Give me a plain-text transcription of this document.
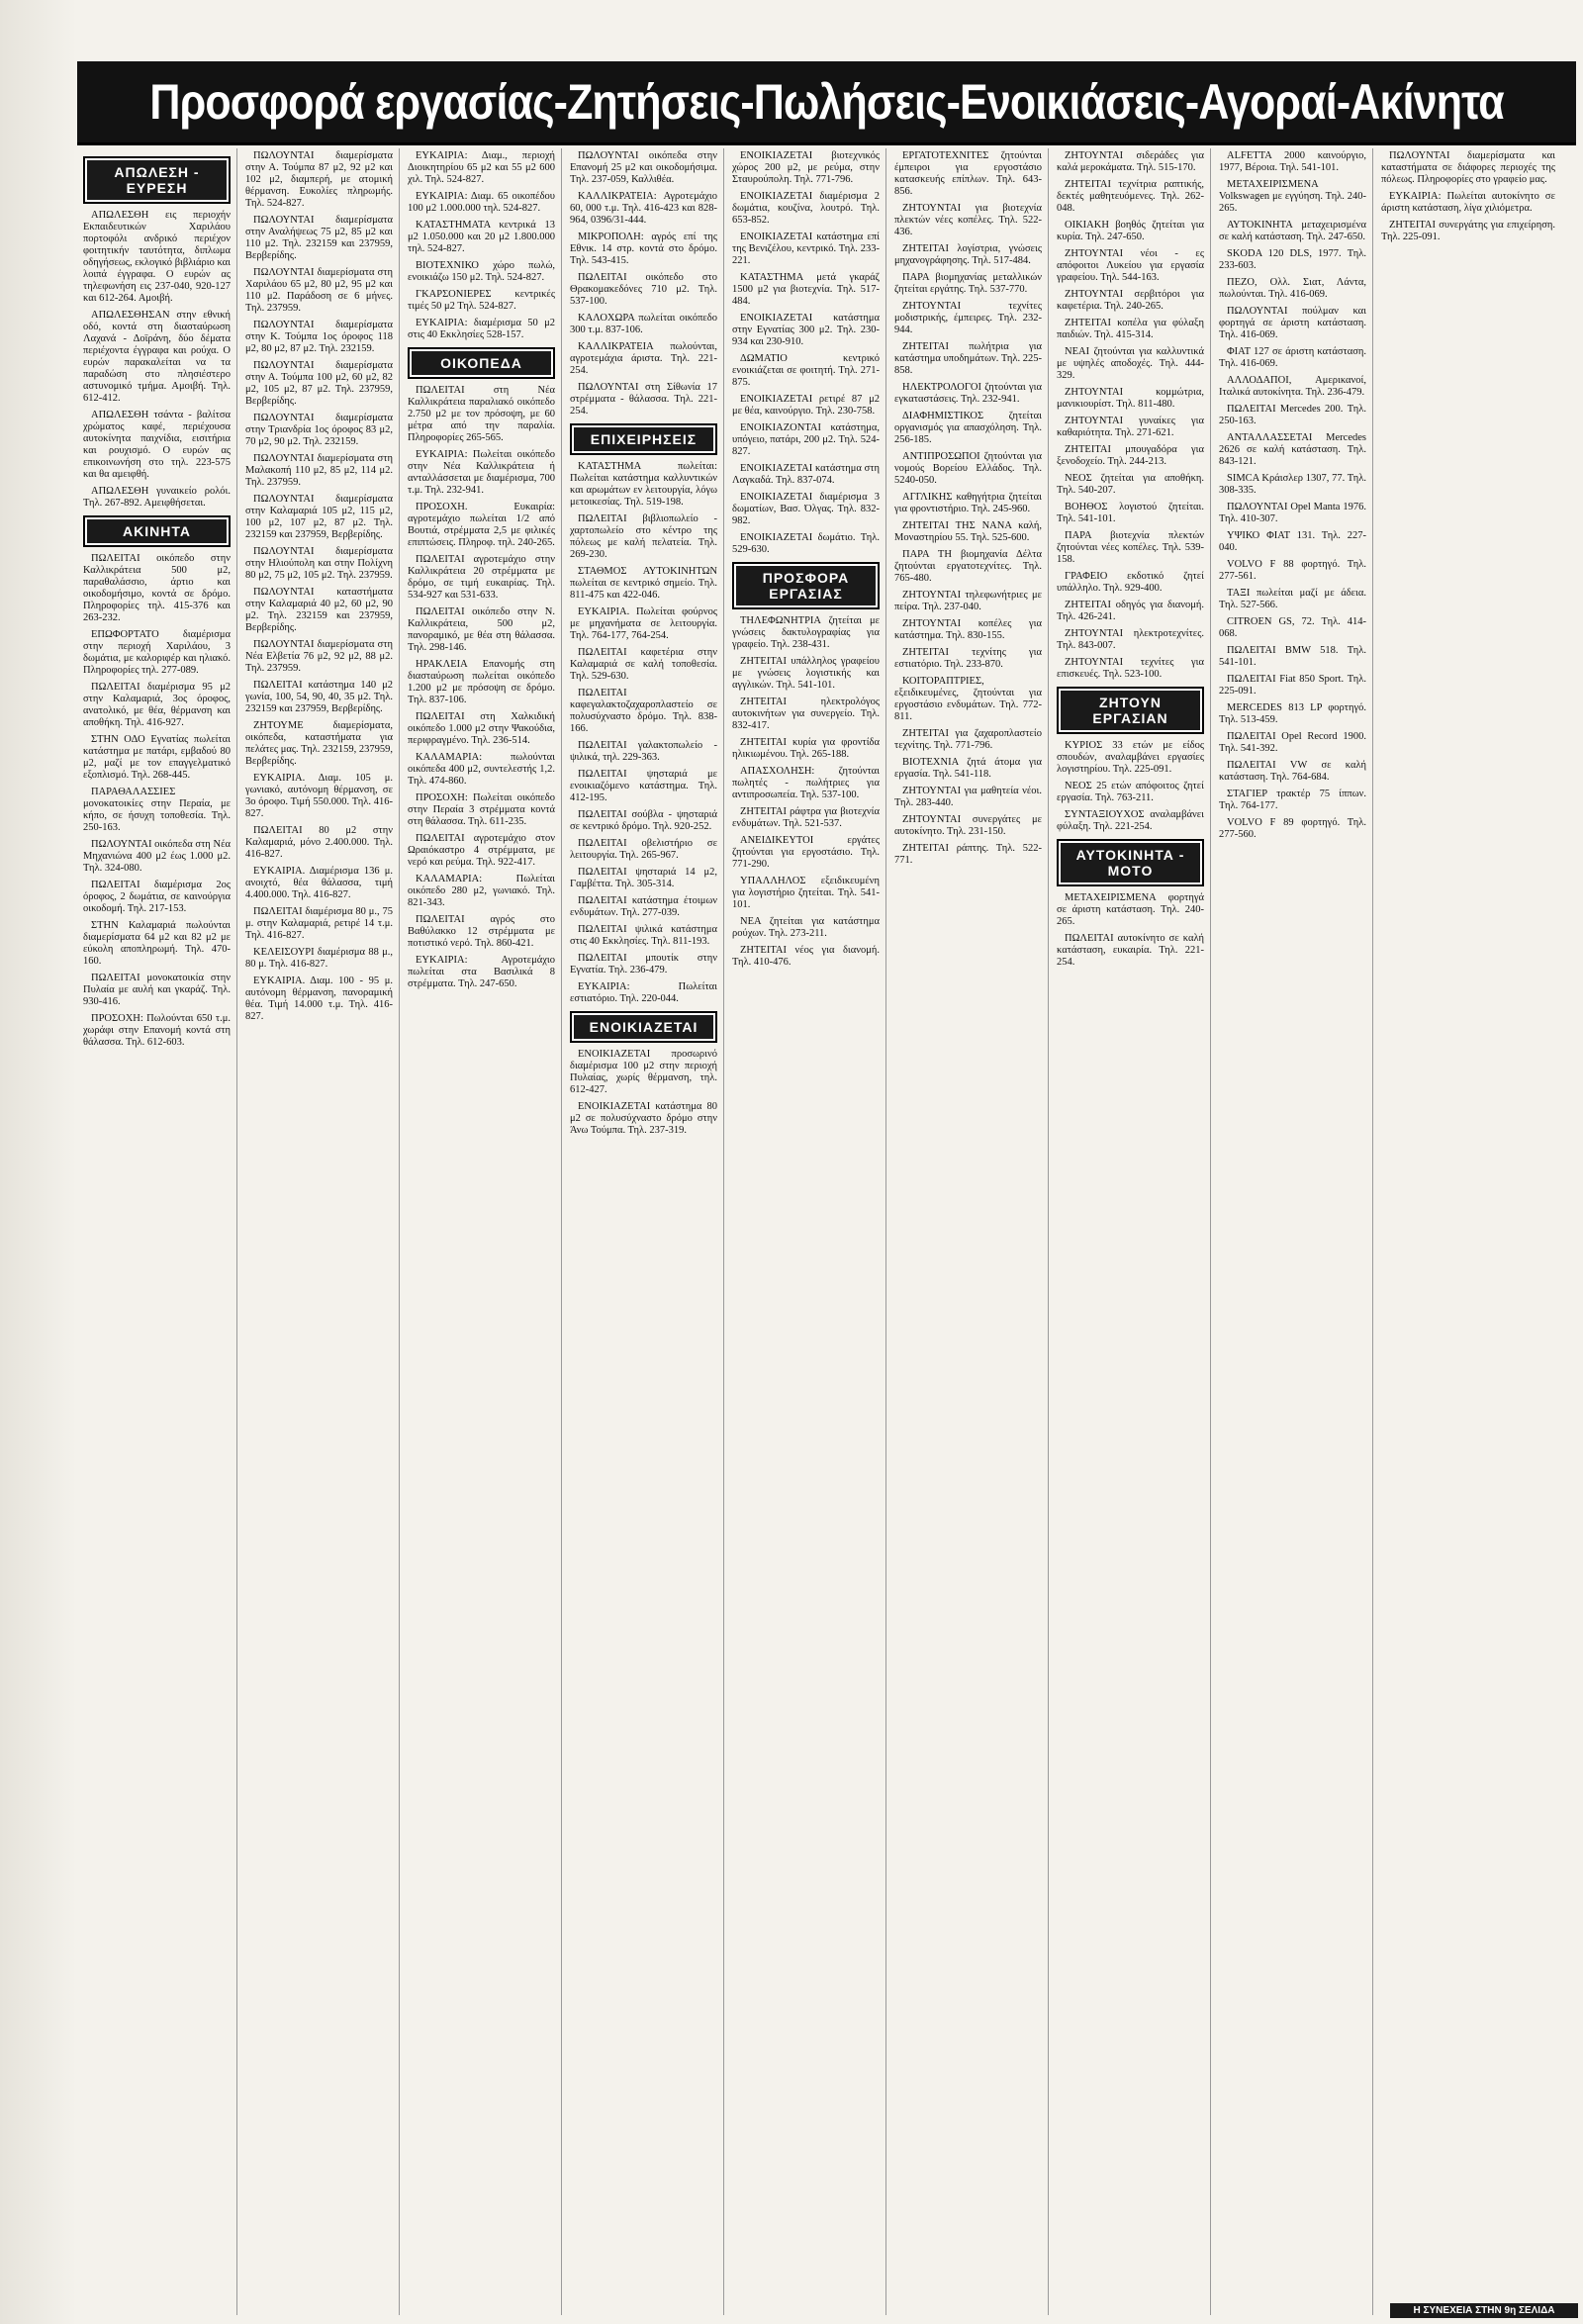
Προσφορά εργασίας-Ζητήσεις-Πωλήσεις-Ενοικιάσεις-Αγοραί-Ακίνητα
ΑΠΩΛΕΣΗ - ΕΥΡΕΣΗ
ΑΠΩΛΕΣΘΗ εις περιοχήν Εκπαιδευτικών Χαριλάου πορτοφόλι ανδρικό περιέχον φοιτητικήν ταυτότητα, διπλωμα οδηγήσεως, εκλογικό βιβλιάριο και λοιπά έγγραφα. Ο ευρών ας τηλεφωνήση εις 237-040, 920-127 και 612-264. Αμοιβή.
ΑΠΩΛΕΣΘΗΣΑΝ στην εθνική οδό, κοντά στη διασταύρωση Λαχανά - Δοϊράνη, δύο δέματα περιέχοντα έγγραφα και ρούχα. Ο ευρών παρακαλείται να τα παραδώση στο πλησιέστερο αστυνομικό τμήμα. Αμοιβή. Τηλ. 612-412.
ΑΠΩΛΕΣΘΗ τσάντα - βαλίτσα χρώματος καφέ, περιέχουσα αυτοκίνητα παιχνίδια, εισιτήρια και ρουχισμό. Ο ευρών ας επικοινωνήση στο τηλ. 223-575 και θα αμειφθή.
ΑΠΩΛΕΣΘΗ γυναικείο ρολόι. Τηλ. 267-892. Αμειφθήσεται.
ΑΚΙΝΗΤΑ
ΠΩΛΕΙΤΑΙ οικόπεδο στην Καλλικράτεια 500 μ2, παραθαλάσσιο, άρτιο και οικοδομήσιμο, κοντά σε δρόμο. Πληροφορίες τηλ. 415-376 και 263-232.
ΕΠΩΦΟΡΤΑΤΟ διαμέρισμα στην περιοχή Χαριλάου, 3 δωμάτια, με καλοριφέρ και ηλιακό. Πληροφορίες τηλ. 277-089.
ΠΩΛΕΙΤΑΙ διαμέρισμα 95 μ2 στην Καλαμαριά, 3ος όροφος, ανατολικό, με θέα, θέρμανση και αποθήκη. Τηλ. 416-927.
ΣΤΗΝ ΟΔΟ Εγνατίας πωλείται κατάστημα με πατάρι, εμβαδού 80 μ2, μαζί με τον επαγγελματικό εξοπλισμό. Τηλ. 268-445.
ΠΑΡΑΘΑΛΑΣΣΙΕΣ μονοκατοικίες στην Περαία, με κήπο, σε ήσυχη τοποθεσία. Τηλ. 250-163.
ΠΩΛΟΥΝΤΑΙ οικόπεδα στη Νέα Μηχανιώνα 400 μ2 έως 1.000 μ2. Τηλ. 324-080.
ΠΩΛΕΙΤΑΙ διαμέρισμα 2ος όροφος, 2 δωμάτια, σε καινούργια οικοδομή. Τηλ. 217-153.
ΣΤΗΝ Καλαμαριά πωλούνται διαμερίσματα 64 μ2 και 82 μ2 με εύκολη αποπληρωμή. Τηλ. 470-160.
ΠΩΛΕΙΤΑΙ μονοκατοικία στην Πυλαία με αυλή και γκαράζ. Τηλ. 930-416.
ΠΡΟΣΟΧΗ: Πωλούνται 650 τ.μ. χωράφι στην Επανομή κοντά στη θάλασσα. Τηλ. 612-603.
ΠΩΛΟΥΝΤΑΙ διαμερίσματα στην Α. Τούμπα 87 μ2, 92 μ2 και 102 μ2, διαμπερή, με ατομική θέρμανση. Ευκολίες πληρωμής. Τηλ. 524-827.
ΠΩΛΟΥΝΤΑΙ διαμερίσματα στην Αναλήψεως 75 μ2, 85 μ2 και 110 μ2. Τηλ. 232159 και 237959, Βερβερίδης.
ΠΩΛΟΥΝΤΑΙ διαμερίσματα στη Χαριλάου 65 μ2, 80 μ2, 95 μ2 και 110 μ2. Παράδοση σε 6 μήνες. Τηλ. 237959.
ΠΩΛΟΥΝΤΑΙ διαμερίσματα στην Κ. Τούμπα 1ος όροφος 118 μ2, 80 μ2, 87 μ2. Τηλ. 232159.
ΠΩΛΟΥΝΤΑΙ διαμερίσματα στην Α. Τούμπα 100 μ2, 60 μ2, 82 μ2, 105 μ2, 87 μ2. Τηλ. 237959, Βερβερίδης.
ΠΩΛΟΥΝΤΑΙ διαμερίσματα στην Τριανδρία 1ος όροφος 83 μ2, 70 μ2, 90 μ2. Τηλ. 232159.
ΠΩΛΟΥΝΤΑΙ διαμερίσματα στη Μαλακοπή 110 μ2, 85 μ2, 114 μ2. Τηλ. 237959.
ΠΩΛΟΥΝΤΑΙ διαμερίσματα στην Καλαμαριά 105 μ2, 115 μ2, 100 μ2, 107 μ2, 87 μ2. Τηλ. 232159 και 237959, Βερβερίδης.
ΠΩΛΟΥΝΤΑΙ διαμερίσματα στην Ηλιούπολη και στην Πολίχνη 80 μ2, 75 μ2, 105 μ2. Τηλ. 237959.
ΠΩΛΟΥΝΤΑΙ καταστήματα στην Καλαμαριά 40 μ2, 60 μ2, 90 μ2. Τηλ. 232159 και 237959, Βερβερίδης.
ΠΩΛΟΥΝΤΑΙ διαμερίσματα στη Νέα Ελβετία 76 μ2, 92 μ2, 88 μ2. Τηλ. 237959.
ΠΩΛΕΙΤΑΙ κατάστημα 140 μ2 γωνία, 100, 54, 90, 40, 35 μ2. Τηλ. 232159 και 237959, Βερβερίδης.
ΖΗΤΟΥΜΕ διαμερίσματα, οικόπεδα, καταστήματα για πελάτες μας. Τηλ. 232159, 237959, Βερβερίδης.
ΕΥΚΑΙΡΙΑ. Διαμ. 105 μ. γωνιακό, αυτόνομη θέρμανση, σε 3ο όροφο. Τιμή 550.000. Τηλ. 416-827.
ΠΩΛΕΙΤΑΙ 80 μ2 στην Καλαμαριά, μόνο 2.400.000. Τηλ. 416-827.
ΕΥΚΑΙΡΙΑ. Διαμέρισμα 136 μ. ανοιχτό, θέα θάλασσα, τιμή 4.400.000. Τηλ. 416-827.
ΠΩΛΕΙΤΑΙ διαμέρισμα 80 μ., 75 μ. στην Καλαμαριά, ρετιρέ 14 τ.μ. Τηλ. 416-827.
ΚΕΛΕΙΣΟΥΡΙ διαμέρισμα 88 μ., 80 μ. Τηλ. 416-827.
ΕΥΚΑΙΡΙΑ. Διαμ. 100 - 95 μ. αυτόνομη θέρμανση, πανοραμική θέα. Τιμή 14.000 τ.μ. Τηλ. 416-827.
ΕΥΚΑΙΡΙΑ: Διαμ., περιοχή Διοικητηρίου 65 μ2 και 55 μ2 600 χιλ. Τηλ. 524-827.
ΕΥΚΑΙΡΙΑ: Διαμ. 65 οικοπέδου 100 μ2 1.000.000 τηλ. 524-827.
ΚΑΤΑΣΤΗΜΑΤΑ κεντρικά 13 μ2 1.050.000 και 20 μ2 1.800.000 τηλ. 524-827.
ΒΙΟΤΕΧΝΙΚΟ χώρο πωλώ, ενοικιάζω 150 μ2. Τηλ. 524-827.
ΓΚΑΡΣΟΝΙΕΡΕΣ κεντρικές τιμές 50 μ2 Τηλ. 524-827.
ΕΥΚΑΙΡΙΑ: διαμέρισμα 50 μ2 στις 40 Εκκλησίες 528-157.
ΟΙΚΟΠΕΔΑ
ΠΩΛΕΙΤΑΙ στη Νέα Καλλικράτεια παραλιακό οικόπεδο 2.750 μ2 με τον πρόσοψη, με 60 μέτρα από την παραλία. Πληροφορίες 265-565.
ΕΥΚΑΙΡΙΑ: Πωλείται οικόπεδο στην Νέα Καλλικράτεια ή ανταλλάσσεται με διαμέρισμα, 700 τ.μ. Τηλ. 232-941.
ΠΡΟΣΟΧΗ. Ευκαιρία: αγροτεμάχιο πωλείται 1/2 από Βουτιά, στρέμματα 2,5 με φιλικές επιπτώσεις. Πληροφ. τηλ. 240-265.
ΠΩΛΕΙΤΑΙ αγροτεμάχιο στην Καλλικράτεια 20 στρέμματα με δρόμο, σε τιμή ευκαιρίας. Τηλ. 534-927 και 531-633.
ΠΩΛΕΙΤΑΙ οικόπεδο στην Ν. Καλλικράτεια, 500 μ2, πανοραμικό, με θέα στη θάλασσα. Τηλ. 298-146.
ΗΡΑΚΛΕΙΑ Επανομής στη διασταύρωση πωλείται οικόπεδο 1.200 μ2 με πρόσοψη σε δρόμο. Τηλ. 837-106.
ΠΩΛΕΙΤΑΙ στη Χαλκιδική οικόπεδο 1.000 μ2 στην Ψακούδια, περιφραγμένο. Τηλ. 236-514.
ΚΑΛΑΜΑΡΙΑ: πωλούνται οικόπεδα 400 μ2, συντελεστής 1,2. Τηλ. 474-860.
ΠΡΟΣΟΧΗ: Πωλείται οικόπεδο στην Περαία 3 στρέμματα κοντά στη θάλασσα. Τηλ. 611-235.
ΠΩΛΕΙΤΑΙ αγροτεμάχιο στον Ωραιόκαστρο 4 στρέμματα, με νερό και ρεύμα. Τηλ. 922-417.
ΚΑΛΑΜΑΡΙΑ: Πωλείται οικόπεδο 280 μ2, γωνιακό. Τηλ. 821-343.
ΠΩΛΕΙΤΑΙ αγρός στο Βαθύλακκο 12 στρέμματα με ποτιστικό νερό. Τηλ. 860-421.
ΕΥΚΑΙΡΙΑ: Αγροτεμάχιο πωλείται στα Βασιλικά 8 στρέμματα. Τηλ. 247-650.
ΠΩΛΟΥΝΤΑΙ οικόπεδα στην Επανομή 25 μ2 και οικοδομήσιμα. Τηλ. 237-059, Καλλιθέα.
ΚΑΛΛΙΚΡΑΤΕΙΑ: Αγροτεμάχιο 60, 000 τ.μ. Τηλ. 416-423 και 828-964, 0396/31-444.
ΜΙΚΡΟΠΟΛΗ: αγρός επί της Εθνικ. 14 στρ. κοντά στο δρόμο. Τηλ. 543-415.
ΠΩΛΕΙΤΑΙ οικόπεδο στο Θρακομακεδόνες 710 μ2. Τηλ. 537-100.
ΚΑΛΟΧΩΡΑ πωλείται οικόπεδο 300 τ.μ. 837-106.
ΚΑΛΛΙΚΡΑΤΕΙΑ πωλούνται, αγροτεμάχια άριστα. Τηλ. 221-254.
ΠΩΛΟΥΝΤΑΙ στη Σίθωνία 17 στρέμματα - θάλασσα. Τηλ. 221-254.
ΕΠΙΧΕΙΡΗΣΕΙΣ
ΚΑΤΑΣΤΗΜΑ πωλείται: Πωλείται κατάστημα καλλυντικών και αρωμάτων εν λειτουργία, λόγω μετοικεσίας. Τηλ. 519-198.
ΠΩΛΕΙΤΑΙ βιβλιοπωλείο - χαρτοπωλείο στο κέντρο της πόλεως με καλή πελατεία. Τηλ. 269-230.
ΣΤΑΘΜΟΣ ΑΥΤΟΚΙΝΗΤΩΝ πωλείται σε κεντρικό σημείο. Τηλ. 811-475 και 422-046.
ΕΥΚΑΙΡΙΑ. Πωλείται φούρνος με μηχανήματα σε λειτουργία. Τηλ. 764-177, 764-254.
ΠΩΛΕΙΤΑΙ καφετέρια στην Καλαμαριά σε καλή τοποθεσία. Τηλ. 529-630.
ΠΩΛΕΙΤΑΙ καφεγαλακτοζαχαροπλαστείο σε πολυσύχναστο δρόμο. Τηλ. 838-166.
ΠΩΛΕΙΤΑΙ γαλακτοπωλείο - ψιλικά, τηλ. 229-363.
ΠΩΛΕΙΤΑΙ ψησταριά με ενοικιαζόμενο κατάστημα. Τηλ. 412-195.
ΠΩΛΕΙΤΑΙ σούβλα - ψησταριά σε κεντρικό δρόμο. Τηλ. 920-252.
ΠΩΛΕΙΤΑΙ οβελιστήριο σε λειτουργία. Τηλ. 265-967.
ΠΩΛΕΙΤΑΙ ψησταριά 14 μ2, Γαμβέττα. Τηλ. 305-314.
ΠΩΛΕΙΤΑΙ κατάστημα έτοιμων ενδυμάτων. Τηλ. 277-039.
ΠΩΛΕΙΤΑΙ ψιλικά κατάστημα στις 40 Εκκλησίες. Τηλ. 811-193.
ΠΩΛΕΙΤΑΙ μπουτίκ στην Εγνατία. Τηλ. 236-479.
ΕΥΚΑΙΡΙΑ: Πωλείται εστιατόριο. Τηλ. 220-044.
ΕΝΟΙΚΙΑΖΕΤΑΙ
ΕΝΟΙΚΙΑΖΕΤΑΙ προσωρινό διαμέρισμα 100 μ2 στην περιοχή Πυλαίας, χωρίς θέρμανση, τηλ. 612-427.
ΕΝΟΙΚΙΑΖΕΤΑΙ κατάστημα 80 μ2 σε πολυσύχναστο δρόμο στην Άνω Τούμπα. Τηλ. 237-319.
ΕΝΟΙΚΙΑΖΕΤΑΙ βιοτεχνικός χώρος 200 μ2, με ρεύμα, στην Σταυρούπολη. Τηλ. 771-796.
ΕΝΟΙΚΙΑΖΕΤΑΙ διαμέρισμα 2 δωμάτια, κουζίνα, λουτρό. Τηλ. 653-852.
ΕΝΟΙΚΙΑΖΕΤΑΙ κατάστημα επί της Βενιζέλου, κεντρικό. Τηλ. 233-221.
ΚΑΤΑΣΤΗΜΑ μετά γκαράζ 1500 μ2 για βιοτεχνία. Τηλ. 517-484.
ΕΝΟΙΚΙΑΖΕΤΑΙ κατάστημα στην Εγνατίας 300 μ2. Τηλ. 230-934 και 230-910.
ΔΩΜΑΤΙΟ κεντρικό ενοικιάζεται σε φοιτητή. Τηλ. 271-875.
ΕΝΟΙΚΙΑΖΕΤΑΙ ρετιρέ 87 μ2 με θέα, καινούργιο. Τηλ. 230-758.
ΕΝΟΙΚΙΑΖΟΝΤΑΙ κατάστημα, υπόγειο, πατάρι, 200 μ2. Τηλ. 524-827.
ΕΝΟΙΚΙΑΖΕΤΑΙ κατάστημα στη Λαγκαδά. Τηλ. 837-074.
ΕΝΟΙΚΙΑΖΕΤΑΙ διαμέρισμα 3 δωματίων, Βασ. Όλγας. Τηλ. 832-982.
ΕΝΟΙΚΙΑΖΕΤΑΙ δωμάτιο. Τηλ. 529-630.
ΠΡΟΣΦΟΡΑ ΕΡΓΑΣΙΑΣ
ΤΗΛΕΦΩΝΗΤΡΙΑ ζητείται με γνώσεις δακτυλογραφίας για γραφείο. Τηλ. 238-431.
ΖΗΤΕΙΤΑΙ υπάλληλος γραφείου με γνώσεις λογιστικής και αγγλικών. Τηλ. 541-101.
ΖΗΤΕΙΤΑΙ ηλεκτρολόγος αυτοκινήτων για συνεργείο. Τηλ. 832-417.
ΖΗΤΕΙΤΑΙ κυρία για φροντίδα ηλικιωμένου. Τηλ. 265-188.
ΑΠΑΣΧΟΛΗΣΗ: ζητούνται πωλητές - πωλήτριες για αντιπροσωπεία. Τηλ. 537-100.
ΖΗΤΕΙΤΑΙ ράφτρα για βιοτεχνία ενδυμάτων. Τηλ. 521-537.
ΑΝΕΙΔΙΚΕΥΤΟΙ εργάτες ζητούνται για εργοστάσιο. Τηλ. 771-290.
ΥΠΑΛΛΗΛΟΣ εξειδικευμένη για λογιστήριο ζητείται. Τηλ. 541-101.
ΝΕΑ ζητείται για κατάστημα ρούχων. Τηλ. 273-211.
ΖΗΤΕΙΤΑΙ νέος για διανομή. Τηλ. 410-476.
ΕΡΓΑΤΟΤΕΧΝΙΤΕΣ ζητούνται έμπειροι για εργοστάσιο κατασκευής επίπλων. Τηλ. 643-856.
ΖΗΤΟΥΝΤΑΙ για βιοτεχνία πλεκτών νέες κοπέλες. Τηλ. 522-436.
ΖΗΤΕΙΤΑΙ λογίστρια, γνώσεις μηχανογράφησης. Τηλ. 517-484.
ΠΑΡΑ βιομηχανίας μεταλλικών ζητείται εργάτης. Τηλ. 537-770.
ΖΗΤΟΥΝΤΑΙ τεχνίτες μοδιστρικής, έμπειρες. Τηλ. 232-944.
ΖΗΤΕΙΤΑΙ πωλήτρια για κατάστημα υποδημάτων. Τηλ. 225-858.
ΗΛΕΚΤΡΟΛΟΓΟΙ ζητούνται για εγκαταστάσεις. Τηλ. 232-941.
ΔΙΑΦΗΜΙΣΤΙΚΟΣ ζητείται οργανισμός για απασχόληση. Τηλ. 256-185.
ΑΝΤΙΠΡΟΣΩΠΟΙ ζητούνται για νομούς Βορείου Ελλάδος. Τηλ. 5240-050.
ΑΓΓΛΙΚΗΣ καθηγήτρια ζητείται για φροντιστήριο. Τηλ. 245-960.
ΖΗΤΕΙΤΑΙ ΤΗΣ ΝΑΝΑ καλή, Μοναστηρίου 55. Τηλ. 525-600.
ΠΑΡΑ ΤΗ βιομηχανία Δέλτα ζητούνται εργατοτεχνίτες. Τηλ. 765-480.
ΖΗΤΟΥΝΤΑΙ τηλεφωνήτριες με πείρα. Τηλ. 237-040.
ΖΗΤΟΥΝΤΑΙ κοπέλες για κατάστημα. Τηλ. 830-155.
ΖΗΤΕΙΤΑΙ τεχνίτης για εστιατόριο. Τηλ. 233-870.
ΚΟΙΤΟΡΑΠΤΡΙΕΣ, εξειδικευμένες, ζητούνται για εργοστάσιο ενδυμάτων. Τηλ. 772-811.
ΖΗΤΕΙΤΑΙ για ζαχαροπλαστείο τεχνίτης. Τηλ. 771-796.
ΒΙΟΤΕΧΝΙΑ ζητά άτομα για εργασία. Τηλ. 541-118.
ΖΗΤΟΥΝΤΑΙ για μαθητεία νέοι. Τηλ. 283-440.
ΖΗΤΟΥΝΤΑΙ συνεργάτες με αυτοκίνητο. Τηλ. 231-150.
ΖΗΤΕΙΤΑΙ ράπτης. Τηλ. 522-771.
ΖΗΤΟΥΝΤΑΙ σιδεράδες για καλά μεροκάματα. Τηλ. 515-170.
ΖΗΤΕΙΤΑΙ τεχνίτρια ραπτικής, δεκτές μαθητευόμενες. Τηλ. 262-048.
ΟΙΚΙΑΚΗ βοηθός ζητείται για κυρία. Τηλ. 247-650.
ΖΗΤΟΥΝΤΑΙ νέοι - ες απόφοιτοι Λυκείου για εργασία γραφείου. Τηλ. 544-163.
ΖΗΤΟΥΝΤΑΙ σερβιτόροι για καφετέρια. Τηλ. 240-265.
ΖΗΤΕΙΤΑΙ κοπέλα για φύλαξη παιδιών. Τηλ. 415-314.
ΝΕΑΙ ζητούνται για καλλυντικά με υψηλές αποδοχές. Τηλ. 444-329.
ΖΗΤΟΥΝΤΑΙ κομμώτρια, μανικιουρίστ. Τηλ. 811-480.
ΖΗΤΟΥΝΤΑΙ γυναίκες για καθαριότητα. Τηλ. 271-621.
ΖΗΤΕΙΤΑΙ μπουγαδόρα για ξενοδοχείο. Τηλ. 244-213.
ΝΕΟΣ ζητείται για αποθήκη. Τηλ. 540-207.
ΒΟΗΘΟΣ λογιστού ζητείται. Τηλ. 541-101.
ΠΑΡΑ βιοτεχνία πλεκτών ζητούνται νέες κοπέλες. Τηλ. 539-158.
ΓΡΑΦΕΙΟ εκδοτικό ζητεί υπάλληλο. Τηλ. 929-400.
ΖΗΤΕΙΤΑΙ οδηγός για διανομή. Τηλ. 426-241.
ΖΗΤΟΥΝΤΑΙ ηλεκτροτεχνίτες. Τηλ. 843-007.
ΖΗΤΟΥΝΤΑΙ τεχνίτες για επισκευές. Τηλ. 523-100.
ΖΗΤΟΥΝ ΕΡΓΑΣΙΑΝ
ΚΥΡΙΟΣ 33 ετών με είδος σπουδών, αναλαμβάνει εργασίες λογιστηρίου. Τηλ. 225-091.
ΝΕΟΣ 25 ετών απόφοιτος ζητεί εργασία. Τηλ. 763-211.
ΣΥΝΤΑΞΙΟΥΧΟΣ αναλαμβάνει φύλαξη. Τηλ. 221-254.
ΑΥΤΟΚΙΝΗΤΑ - ΜΟΤΟ
ΜΕΤΑΧΕΙΡΙΣΜΕΝΑ φορτηγά σε άριστη κατάσταση. Τηλ. 240-265.
ΠΩΛΕΙΤΑΙ αυτοκίνητο σε καλή κατάσταση, ευκαιρία. Τηλ. 221-254.
ALFETTA 2000 καινούργιο, 1977, Βέροια. Τηλ. 541-101.
ΜΕΤΑΧΕΙΡΙΣΜΕΝΑ Volkswagen με εγγύηση. Τηλ. 240-265.
ΑΥΤΟΚΙΝΗΤΑ μεταχειρισμένα σε καλή κατάσταση. Τηλ. 247-650.
SKODA 120 DLS, 1977. Τηλ. 233-603.
ΠΕΖΟ, Ολλ. Σιατ, Λάντα, πωλούνται. Τηλ. 416-069.
ΠΩΛΟΥΝΤΑΙ πούλμαν και φορτηγά σε άριστη κατάσταση. Τηλ. 416-069.
ΦΙΑΤ 127 σε άριστη κατάσταση. Τηλ. 416-069.
ΑΛΛΟΔΑΠΟΙ, Αμερικανοί, Ιταλικά αυτοκίνητα. Τηλ. 236-479.
ΠΩΛΕΙΤΑΙ Mercedes 200. Τηλ. 250-163.
ΑΝΤΑΛΛΑΣΣΕΤΑΙ Mercedes 2626 σε καλή κατάσταση. Τηλ. 843-121.
SIMCA Κράισλερ 1307, 77. Τηλ. 308-335.
ΠΩΛΟΥΝΤΑΙ Opel Manta 1976. Τηλ. 410-307.
ΥΨΙΚΟ ΦΙΑΤ 131. Τηλ. 227-040.
VOLVO F 88 φορτηγό. Τηλ. 277-561.
ΤΑΞΙ πωλείται μαζί με άδεια. Τηλ. 527-566.
CITROEN GS, 72. Τηλ. 414-068.
ΠΩΛΕΙΤΑΙ BMW 518. Τηλ. 541-101.
ΠΩΛΕΙΤΑΙ Fiat 850 Sport. Τηλ. 225-091.
MERCEDES 813 LP φορτηγό. Τηλ. 513-459.
ΠΩΛΕΙΤΑΙ Opel Record 1900. Τηλ. 541-392.
ΠΩΛΕΙΤΑΙ VW σε καλή κατάσταση. Τηλ. 764-684.
ΣΤΑΓΙΕΡ τρακτέρ 75 ίππων. Τηλ. 764-177.
VOLVO F 89 φορτηγό. Τηλ. 277-560.
ΠΩΛΟΥΝΤΑΙ διαμερίσματα και καταστήματα σε διάφορες περιοχές της πόλεως. Πληροφορίες στο γραφείο μας.
ΕΥΚΑΙΡΙΑ: Πωλείται αυτοκίνητο σε άριστη κατάσταση, λίγα χιλιόμετρα.
ΖΗΤΕΙΤΑΙ συνεργάτης για επιχείρηση. Τηλ. 225-091.
Η ΣΥΝΕΧΕΙΑ ΣΤΗΝ 9η ΣΕΛΙΔΑ
